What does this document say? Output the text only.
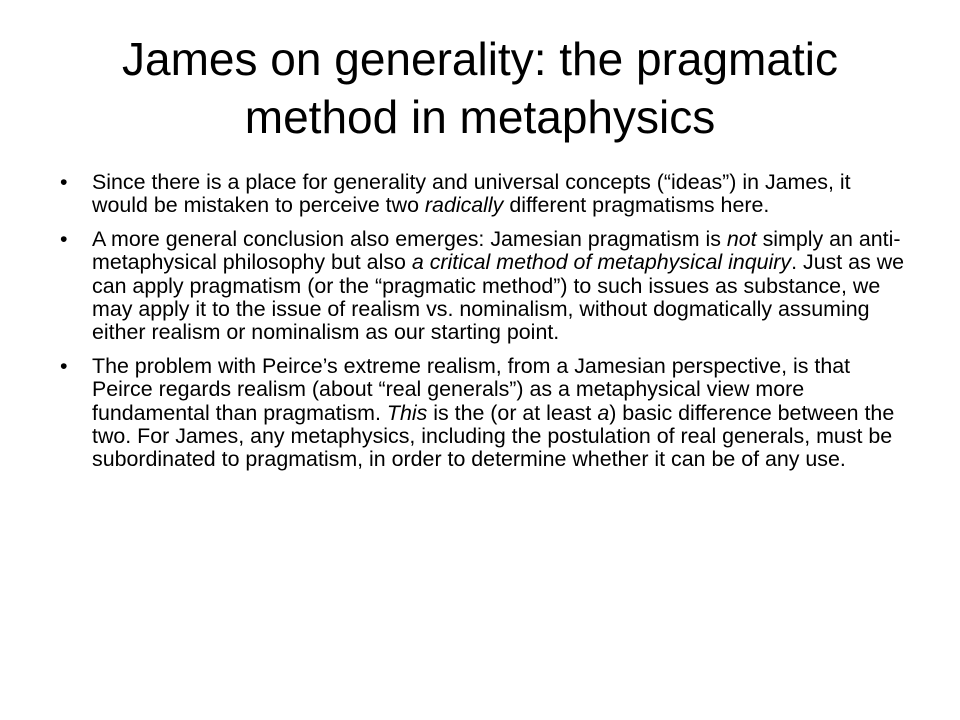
James on generality: the pragmatic
method in metaphysics
•	Since there is a place for generality and universal concepts (“ideas”) in James, it would be mistaken to perceive two radically different pragmatisms here.
•	A more general conclusion also emerges: Jamesian pragmatism is not simply an anti-metaphysical philosophy but also a critical method of metaphysical inquiry. Just as we can apply pragmatism (or the “pragmatic method”) to such issues as substance, we may apply it to the issue of realism vs. nominalism, without dogmatically assuming either realism or nominalism as our starting point.
•	The problem with Peirce’s extreme realism, from a Jamesian perspective, is that Peirce regards realism (about “real generals”) as a metaphysical view more fundamental than pragmatism. This is the (or at least a) basic difference between the two. For James, any metaphysics, including the postulation of real generals, must be subordinated to pragmatism, in order to determine whether it can be of any use.
